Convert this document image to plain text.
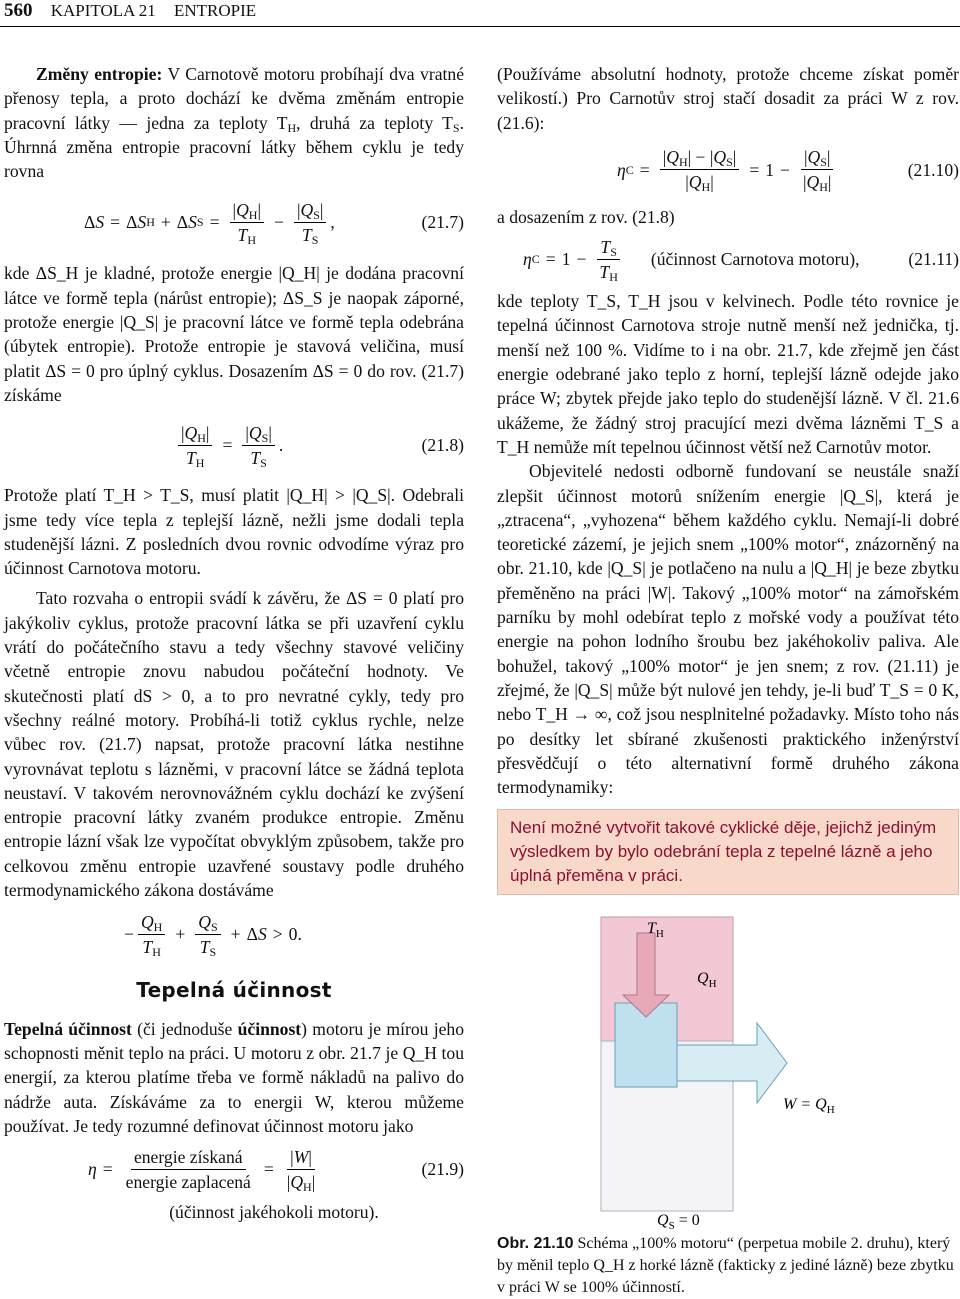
560 KAPITOLA 21 ENTROPIE

Změny entropie: V Carnotově motoru probíhají dva vratné přenosy tepla, a proto dochází ke dvěma změnám entropie pracovní látky — jedna za teploty $T_H$, druhá za teploty $T_S$. Úhrnná změna entropie pracovní látky během cyklu je tedy rovna

Δ S = Δ S H + Δ S $S = \frac{|Q_H|}{T_H} - \frac{|Q_S|}{T_S}$ ,	(21.7)

kde ΔS_H je kladné, protože energie |Q_H| je dodána pracovní látce ve formě tepla (nárůst entropie); ΔS_S je naopak záporné, protože energie |Q_S| je pracovní látce ve formě tepla odebrána (úbytek entropie). Protože entropie je stavová veličina, musí platit ΔS = 0 pro úplný cyklus. Dosazením ΔS = 0 do rov. (21.7) získáme

$\frac{|Q_H|}{T_H} = \frac{|Q_S|}{T_S}$ .	(21.8)

Protože platí T_H > T_S, musí platit |Q_H| > |Q_S|. Odebrali jsme tedy více tepla z teplejší lázně, nežli jsme dodali tepla studenější lázni. Z posledních dvou rovnic odvodíme výraz pro účinnost Carnotova motoru.

Tato rozvaha o entropii svádí k závěru, že ΔS = 0 platí pro jakýkoliv cyklus, protože pracovní látka se při uzavření cyklu vrátí do počátečního stavu a tedy všechny stavové veličiny včetně entropie znovu nabudou počáteční hodnoty. Ve skutečnosti platí dS > 0, a to pro nevratné cykly, tedy pro všechny reálné motory. Probíhá-li totiž cyklus rychle, nelze vůbec rov. (21.7) napsat, protože pracovní látka nestihne vyrovnávat teplotu s lázněmi, v pracovní látce se žádná teplota neustaví. V takovém nerovnovážném cyklu dochází ke zvýšení entropie pracovní látky zvaném produkce entropie. Změnu entropie lázní však lze vypočítat obvyklým způsobem, takže pro celkovou změnu entropie uzavřené soustavy podle druhého termodynamického zákona dostáváme

− $\frac{Q_H}{T_H} + \frac{Q_S}{T_S} + \Delta$ S > 0.
Tepelná účinnost

Tepelná účinnost (či jednoduše účinnost) motoru je mírou jeho schopnosti měnit teplo na práci. U motoru z obr. 21.7 je Q_H tou energií, za kterou platíme třeba ve formě nákladů na palivo do nádrže auta. Získáváme za to energii W, kterou můžeme používat. Je tedy rozumné definovat účinnost motoru jako

$\eta = \frac{\text{energie získaná}}{\text{energie zaplacená}} = \frac{|W|}{|Q_H|}$	(21.9)
(účinnost jakéhokoli motoru).

(Používáme absolutní hodnoty, protože chceme získat poměr velikostí.) Pro Carnotův stroj stačí dosadit za práci W z rov. (21.6):

η $C = \frac{|Q_H| - |Q_S|}{|Q_H|} = 1 - \frac{|Q_S|}{|Q_H|}$	(21.10)

a dosazením z rov. (21.8)

η $C = 1 - \frac{T_S}{T_H}$ (účinnost Carnotova motoru),	(21.11)

kde teploty T_S, T_H jsou v kelvinech. Podle této rovnice je tepelná účinnost Carnotova stroje nutně menší než jednička, tj. menší než 100 %. Vidíme to i na obr. 21.7, kde zřejmě jen část energie odebrané jako teplo z horní, teplejší lázně odejde jako práce W; zbytek přejde jako teplo do studenější lázně. V čl. 21.6 ukážeme, že žádný stroj pracující mezi dvěma lázněmi T_S a T_H nemůže mít tepelnou účinnost větší než Carnotův motor.

Objevitelé nedosti odborně fundovaní se neustále snaží zlepšit účinnost motorů snížením energie |Q_S|, která je „ztracena“, „vyhozena“ během každého cyklu. Nemají-li dobré teoretické zázemí, je jejich snem „100% motor“, znázorněný na obr. 21.10, kde |Q_S| je potlačeno na nulu a |Q_H| je beze zbytku přeměněno na práci |W|. Takový „100% motor“ na zámořském parníku by mohl odebírat teplo z mořské vody a používat této energie na pohon lodního šroubu bez jakéhokoliv paliva. Ale bohužel, takový „100% motor“ je jen snem; z rov. (21.11) je zřejmé, že |Q_S| může být nulové jen tehdy, je-li buď T_S = 0 K, nebo T_H → ∞, což jsou nesplnitelné požadavky. Místo toho nás po desítky let sbírané zkušenosti praktického inženýrství přesvědčují o této alternativní formě druhého zákona termodynamiky:

Není možné vytvořit takové cyklické děje, jejichž jediným výsledkem by bylo odebrání tepla z tepelné lázně a jeho úplná přeměna v práci.
$T_H$
$Q_H$
$W = Q_H$
$Q_S = 0$
Obr. 21.10 Schéma „100% motoru“ (perpetua mobile 2. druhu), který by měnil teplo Q_H z horké lázně (fakticky z jediné lázně) beze zbytku v práci W se 100% účinností.
